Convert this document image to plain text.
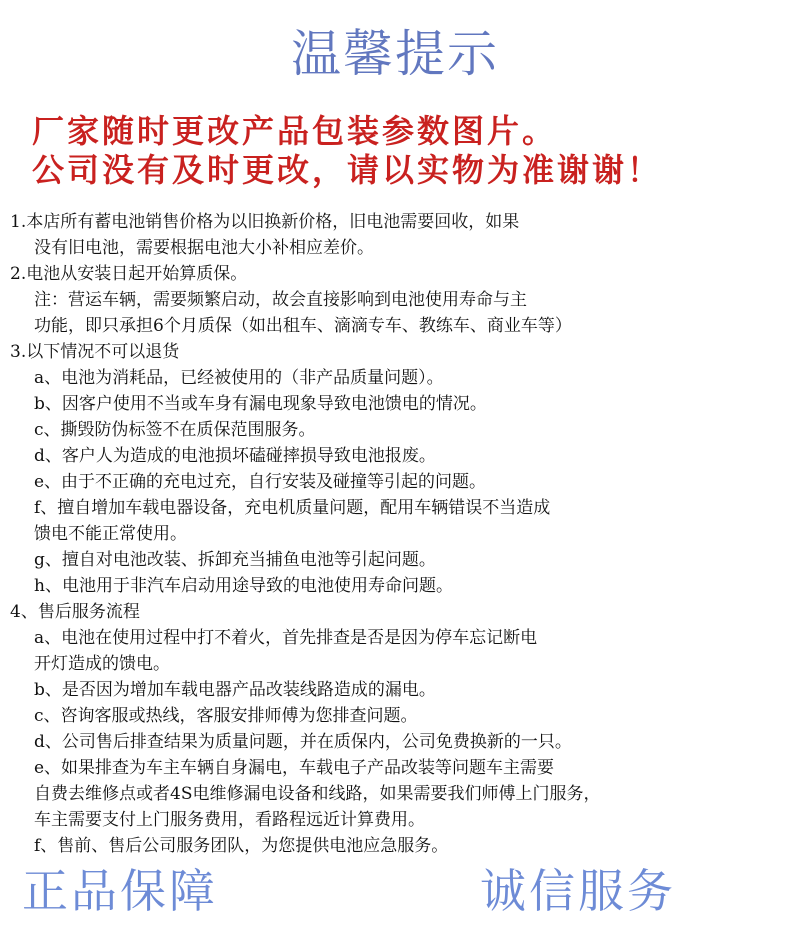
温馨提示
厂家随时更改产品包装参数图片。
公司没有及时更改，请以实物为准谢谢！
1.本店所有蓄电池销售价格为以旧换新价格，旧电池需要回收，如果
没有旧电池，需要根据电池大小补相应差价。
2.电池从安装日起开始算质保。
注：营运车辆，需要频繁启动，故会直接影响到电池使用寿命与主
功能，即只承担6个月质保（如出租车、滴滴专车、教练车、商业车等）
3.以下情况不可以退货
a、电池为消耗品，已经被使用的（非产品质量问题）。
b、因客户使用不当或车身有漏电现象导致电池馈电的情况。
c、撕毁防伪标签不在质保范围服务。
d、客户人为造成的电池损坏磕碰摔损导致电池报废。
e、由于不正确的充电过充，自行安装及碰撞等引起的问题。
f、擅自增加车载电器设备，充电机质量问题，配用车辆错误不当造成
馈电不能正常使用。
g、擅自对电池改装、拆卸充当捕鱼电池等引起问题。
h、电池用于非汽车启动用途导致的电池使用寿命问题。
4、售后服务流程
a、电池在使用过程中打不着火，首先排查是否是因为停车忘记断电
开灯造成的馈电。
b、是否因为增加车载电器产品改装线路造成的漏电。
c、咨询客服或热线，客服安排师傅为您排查问题。
d、公司售后排查结果为质量问题，并在质保内，公司免费换新的一只。
e、如果排查为车主车辆自身漏电，车载电子产品改装等问题车主需要
自费去维修点或者4S电维修漏电设备和线路，如果需要我们师傅上门服务，
车主需要支付上门服务费用，看路程远近计算费用。
f、售前、售后公司服务团队，为您提供电池应急服务。
正品保障	诚信服务
